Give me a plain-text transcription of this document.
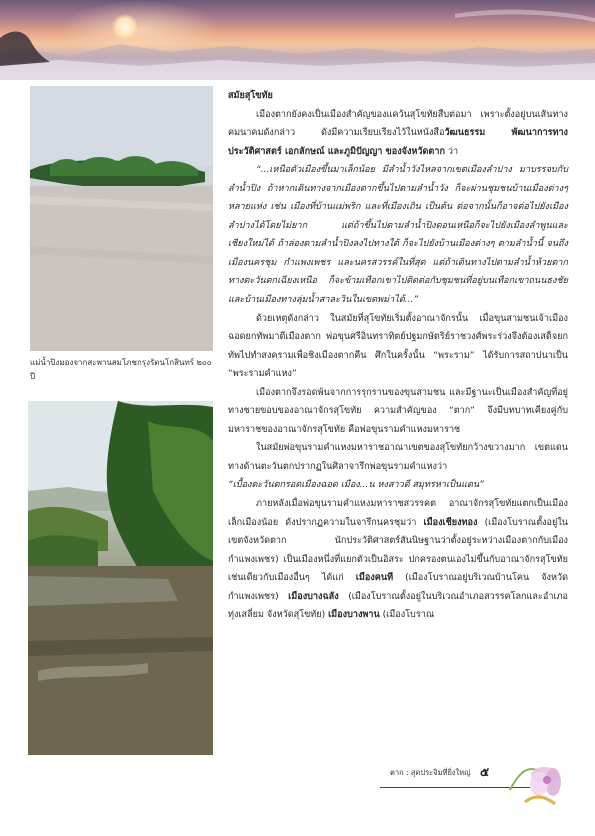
แม่น้ำปิงมองจากสะพานสมโภชกรุงรัตนโกสินทร์ ๒๐๐ ปี

สมัยสุโขทัย

เมืองตากยังคงเป็นเมืองสำคัญของแคว้นสุโขทัยสืบต่อมา เพราะตั้งอยู่บนเส้นทางคมนาคมดังกล่าว ดังมีความเรียบเรียงไว้ในหนังสือวัฒนธรรม พัฒนาการทางประวัติศาสตร์ เอกลักษณ์ และภูมิปัญญา ของจังหวัดตาก ว่า

“...เหนือตัวเมืองขึ้นมาเล็กน้อย มีลำน้ำวังไหลจากเขตเมืองลำปาง มาบรรจบกับลำน้ำปิง ถ้าหากเดินทางจากเมืองตากขึ้นไปตามลำน้ำวัง ก็จะผ่านชุมชนบ้านเมืองต่างๆ หลายแห่ง เช่น เมืองที่บ้านแม่พริก และที่เมืองเถิน เป็นต้น ต่อจากนั้นก็อาจต่อไปยังเมืองลำปางได้โดยไม่ยาก แต่ถ้าขึ้นไปตามลำน้ำปิงตอนเหนือก็จะไปยังเมืองลำพูนและเชียงใหม่ได้ ถ้าล่องตามลำน้ำปิงลงไปทางใต้ ก็จะไปยังบ้านเมืองต่างๆ ตามลำน้ำนี้ จนถึงเมืองนครชุม กำแพงเพชร และนครสวรรค์ในที่สุด แต่ถ้าเดินทางไปตามลำน้ำห้วยตากทางตะวันตกเฉียงเหนือ ก็จะข้ามเทือกเขาไปติดต่อกับชุมชนที่อยู่บนเทือกเขาถนนธงชัย และบ้านเมืองทางลุ่มน้ำสาละวินในเขตพม่าได้...”

ด้วยเหตุดังกล่าว ในสมัยที่สุโขทัยเริ่มตั้งอาณาจักรนั้น เมื่อขุนสามชนเจ้าเมืองฉอดยกทัพมาตีเมืองตาก พ่อขุนศรีอินทราทิตย์ปฐมกษัตริย์ราชวงศ์พระร่วงจึงต้องเสด็จยกทัพไปทำสงครามเพื่อชิงเมืองตากคืน ศึกในครั้งนั้น “พระราม” ได้รับการสถาปนาเป็น “พระรามคำแหง”

เมืองตากจึงรอดพ้นจากการรุกรานของขุนสามชน และมีฐานะเป็นเมืองสำคัญที่อยู่ทางชายขอบของอาณาจักรสุโขทัย ความสำคัญของ “ตาก” จึงมีบทบาทเคียงคู่กับมหาราชของอาณาจักรสุโขทัย คือพ่อขุนรามคำแหงมหาราช

ในสมัยพ่อขุนรามคำแหงมหาราชอาณาเขตของสุโขทัยกว้างขวางมาก เขตแดนทางด้านตะวันตกปรากฏในศิลาจารึกพ่อขุนรามคำแหงว่า

“เบื้องตะวันตกรอดเมืองฉอด เมือง...น หงสาวดี สมุทรหาเป็นแดน”

ภายหลังเมื่อพ่อขุนรามคำแหงมหาราชสวรรคต อาณาจักรสุโขทัยแตกเป็นเมืองเล็กเมืองน้อย ดังปรากฏความในจารึกนครชุมว่า เมืองเชียงทอง (เมืองโบราณตั้งอยู่ในเขตจังหวัดตาก นักประวัติศาสตร์สันนิษฐานว่าตั้งอยู่ระหว่างเมืองตากกับเมืองกำแพงเพชร) เป็นเมืองหนึ่งที่แยกตัวเป็นอิสระ ปกครองตนเองไม่ขึ้นกับอาณาจักรสุโขทัย เช่นเดียวกับเมืองอื่นๆ ได้แก่ เมืองคนที (เมืองโบราณอยู่บริเวณบ้านโคน จังหวัดกำแพงเพชร) เมืองบางฉลัง (เมืองโบราณตั้งอยู่ในบริเวณอำเภอสวรรคโลกและอำเภอทุ่งเสลี่ยม จังหวัดสุโขทัย) เมืองบางพาน (เมืองโบราณ

ตาก : สุดประจิมที่ยิ่งใหญ่ ๕
